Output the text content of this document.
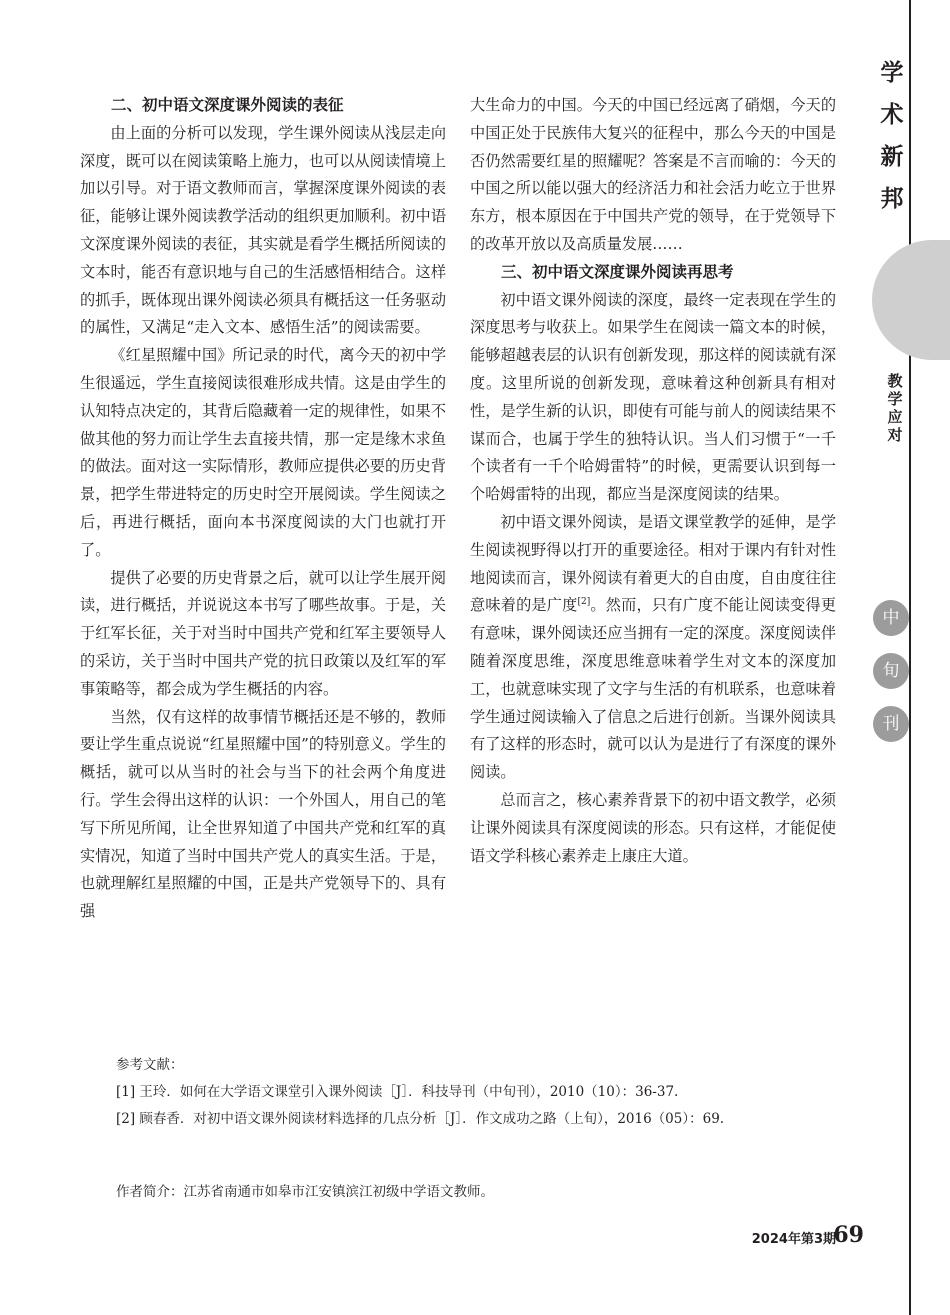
二、初中语文深度课外阅读的表征

由上面的分析可以发现，学生课外阅读从浅层走向深度，既可以在阅读策略上施力，也可以从阅读情境上加以引导。对于语文教师而言，掌握深度课外阅读的表征，能够让课外阅读教学活动的组织更加顺利。初中语文深度课外阅读的表征，其实就是看学生概括所阅读的文本时，能否有意识地与自己的生活感悟相结合。这样的抓手，既体现出课外阅读必须具有概括这一任务驱动的属性，又满足“走入文本、感悟生活”的阅读需要。

《红星照耀中国》所记录的时代，离今天的初中学生很遥远，学生直接阅读很难形成共情。这是由学生的认知特点决定的，其背后隐藏着一定的规律性，如果不做其他的努力而让学生去直接共情，那一定是缘木求鱼的做法。面对这一实际情形，教师应提供必要的历史背景，把学生带进特定的历史时空开展阅读。学生阅读之后，再进行概括，面向本书深度阅读的大门也就打开了。

提供了必要的历史背景之后，就可以让学生展开阅读，进行概括，并说说这本书写了哪些故事。于是，关于红军长征，关于对当时中国共产党和红军主要领导人的采访，关于当时中国共产党的抗日政策以及红军的军事策略等，都会成为学生概括的内容。

当然，仅有这样的故事情节概括还是不够的，教师要让学生重点说说“红星照耀中国”的特别意义。学生的概括，就可以从当时的社会与当下的社会两个角度进行。学生会得出这样的认识：一个外国人，用自己的笔写下所见所闻，让全世界知道了中国共产党和红军的真实情况，知道了当时中国共产党人的真实生活。于是，也就理解红星照耀的中国，正是共产党领导下的、具有强

大生命力的中国。今天的中国已经远离了硝烟，今天的中国正处于民族伟大复兴的征程中，那么今天的中国是否仍然需要红星的照耀呢？答案是不言而喻的：今天的中国之所以能以强大的经济活力和社会活力屹立于世界东方，根本原因在于中国共产党的领导，在于党领导下的改革开放以及高质量发展……

三、初中语文深度课外阅读再思考

初中语文课外阅读的深度，最终一定表现在学生的深度思考与收获上。如果学生在阅读一篇文本的时候，能够超越表层的认识有创新发现，那这样的阅读就有深度。这里所说的创新发现，意味着这种创新具有相对性，是学生新的认识，即使有可能与前人的阅读结果不谋而合，也属于学生的独特认识。当人们习惯于“一千个读者有一千个哈姆雷特”的时候，更需要认识到每一个哈姆雷特的出现，都应当是深度阅读的结果。

初中语文课外阅读，是语文课堂教学的延伸，是学生阅读视野得以打开的重要途径。相对于课内有针对性地阅读而言，课外阅读有着更大的自由度，自由度往往意味着的是广度[2]。然而，只有广度不能让阅读变得更有意味，课外阅读还应当拥有一定的深度。深度阅读伴随着深度思维，深度思维意味着学生对文本的深度加工，也就意味实现了文字与生活的有机联系，也意味着学生通过阅读输入了信息之后进行创新。当课外阅读具有了这样的形态时，就可以认为是进行了有深度的课外阅读。

总而言之，核心素养背景下的初中语文教学，必须让课外阅读具有深度阅读的形态。只有这样，才能促使语文学科核心素养走上康庄大道。

参考文献：
[1] 王玲．如何在大学语文课堂引入课外阅读［J］．科技导刊（中旬刊），2010（10）：36-37.
[2] 顾春香．对初中语文课外阅读材料选择的几点分析［J］．作文成功之路（上旬），2016（05）：69.
作者简介：江苏省南通市如皋市江安镇滨江初级中学语文教师。
2024年第3期
69
学
术
新
邦
教
学
应
对
中
旬
刊
